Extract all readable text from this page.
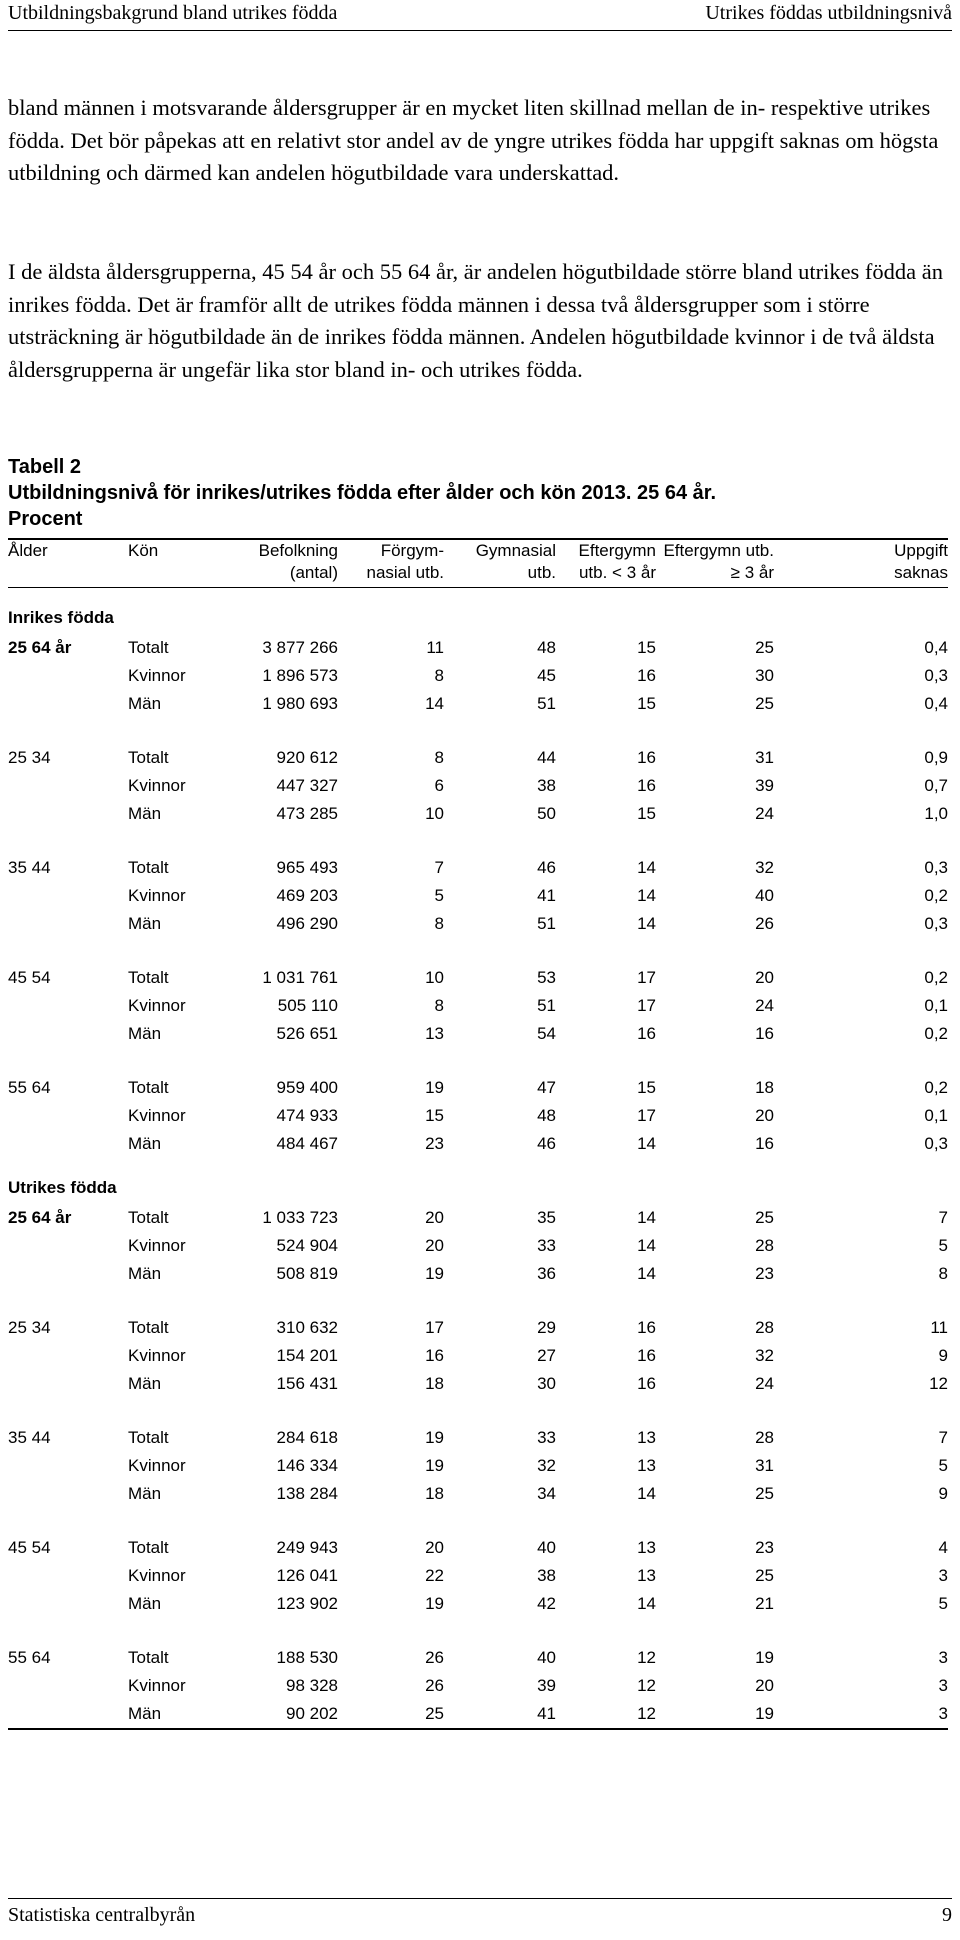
Utbildningsbakgrund bland utrikes födda	Utrikes föddas utbildningsnivå

bland männen i motsvarande åldersgrupper är en mycket liten skillnad mellan de in- respektive utrikes födda. Det bör påpekas att en relativt stor andel av de yngre utrikes födda har uppgift saknas om högsta utbildning och därmed kan andelen högutbildade vara underskattad.

I de äldsta åldersgrupperna, 45 54 år och 55 64 år, är andelen högutbildade större bland utrikes födda än inrikes födda. Det är framför allt de utrikes födda männen i dessa två åldersgrupper som i större utsträckning är högutbildade än de inrikes födda männen. Andelen högutbildade kvinnor i de två äldsta åldersgrupperna är ungefär lika stor bland in- och utrikes födda.

Tabell 2
Utbildningsnivå för inrikes/utrikes födda efter ålder och kön 2013. 25 64 år.
Procent
Ålder	Kön	Befolkning	Förgym-	Gymnasial	Eftergymn	Eftergymn utb.	Uppgift
		(antal)	nasial utb.	utb.	utb. < 3 år	≥ 3 år	saknas
Inrikes födda							
25 64 år	Totalt	3 877 266	11	48	15	25	0,4
	Kvinnor	1 896 573	8	45	16	30	0,3
	Män	1 980 693	14	51	15	25	0,4

25 34	Totalt	920 612	8	44	16	31	0,9
	Kvinnor	447 327	6	38	16	39	0,7
	Män	473 285	10	50	15	24	1,0

35 44	Totalt	965 493	7	46	14	32	0,3
	Kvinnor	469 203	5	41	14	40	0,2
	Män	496 290	8	51	14	26	0,3

45 54	Totalt	1 031 761	10	53	17	20	0,2
	Kvinnor	505 110	8	51	17	24	0,1
	Män	526 651	13	54	16	16	0,2

55 64	Totalt	959 400	19	47	15	18	0,2
	Kvinnor	474 933	15	48	17	20	0,1
	Män	484 467	23	46	14	16	0,3
Utrikes födda							
25 64 år	Totalt	1 033 723	20	35	14	25	7
	Kvinnor	524 904	20	33	14	28	5
	Män	508 819	19	36	14	23	8

25 34	Totalt	310 632	17	29	16	28	11
	Kvinnor	154 201	16	27	16	32	9
	Män	156 431	18	30	16	24	12

35 44	Totalt	284 618	19	33	13	28	7
	Kvinnor	146 334	19	32	13	31	5
	Män	138 284	18	34	14	25	9

45 54	Totalt	249 943	20	40	13	23	4
	Kvinnor	126 041	22	38	13	25	3
	Män	123 902	19	42	14	21	5

55 64	Totalt	188 530	26	40	12	19	3
	Kvinnor	98 328	26	39	12	20	3
	Män	90 202	25	41	12	19	3
Statistiska centralbyrån	9
